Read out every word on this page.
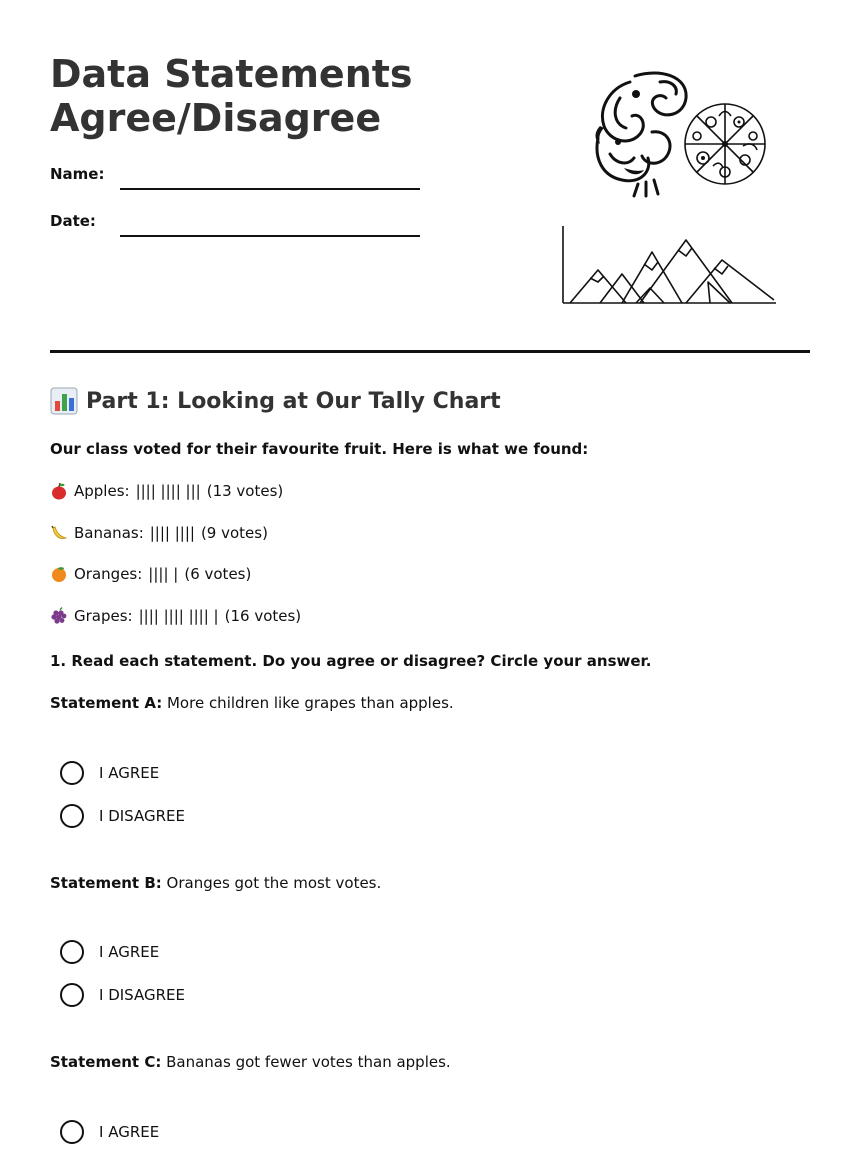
Data Statements
Agree/Disagree
Name:
Date:
Part 1: Looking at Our Tally Chart
Our class voted for their favourite fruit. Here is what we found:
Apples: |||| |||| ||| (13 votes)
Bananas: |||| |||| (9 votes)
Oranges: |||| | (6 votes)
Grapes: |||| |||| |||| | (16 votes)
1. Read each statement. Do you agree or disagree? Circle your answer.
Statement A: More children like grapes than apples.
I AGREE
I DISAGREE
Statement B: Oranges got the most votes.
I AGREE
I DISAGREE
Statement C: Bananas got fewer votes than apples.
I AGREE
